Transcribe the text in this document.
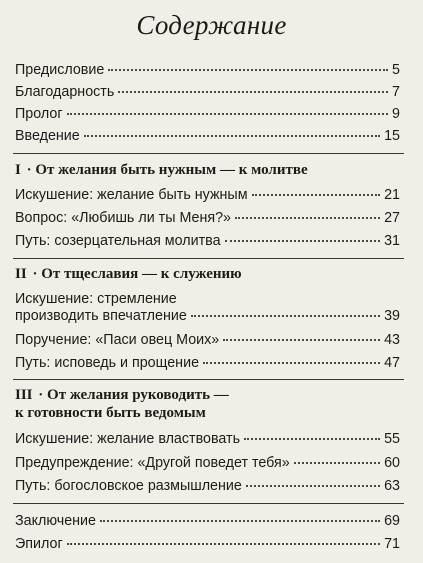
Содержание
Предисловие	5
Благодарность	7
Пролог	9
Введение	15
I · От желания быть нужным — к молитве
Искушение: желание быть нужным	21
Вопрос: «Любишь ли ты Меня?»	27
Путь: созерцательная молитва	31
II · От тщеславия — к служению
Искушение: стремление
производить впечатление	39
Поручение: «Паси овец Моих»	43
Путь: исповедь и прощение	47
III · От желания руководить —
к готовности быть ведомым
Искушение: желание властвовать	55
Предупреждение: «Другой поведет тебя»	60
Путь: богословское размышление	63
Заключение	69
Эпилог	71
